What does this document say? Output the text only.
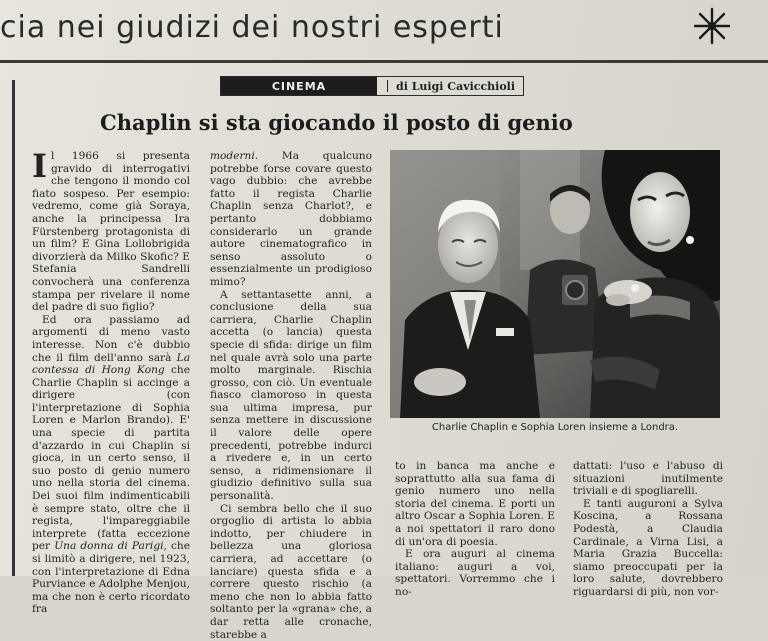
cia nei giudizi dei nostri esperti
CINEMA	di Luigi Cavicchioli
Chaplin si sta giocando il posto di genio

I l 1966 si presenta gravido di interrogativi che tengono il mondo col fiato sospeso. Per esempio: vedremo, come già Soraya, anche la principessa Ira Fürstenberg protagonista di un film? E Gina Lollobrigida divorzierà da Milko Skofic? E Stefania Sandrelli convocherà una conferenza stampa per rivelare il nome del padre di suo figlio?

Ed ora passiamo ad argomenti di meno vasto interesse. Non c'è dubbio che il film dell'anno sarà La contessa di Hong Kong che Charlie Chaplin si accinge a dirigere (con l'interpretazione di Sophia Loren e Marlon Brando). E' una specie di partita d'azzardo in cui Chaplin si gioca, in un certo senso, il suo posto di genio numero uno nella storia del cinema. Dei suoi film indimenticabili è sempre stato, oltre che il regista, l'impareggiabile interprete (fatta eccezione per Una donna di Parigi, che si limitò a dirigere, nel 1923, con l'interpretazione di Edna Purviance e Adolphe Menjou, ma che non è certo ricordato fra

moderni. Ma qualcuno potrebbe forse covare questo vago dubbio: che avrebbe fatto il regista Charlie Chaplin senza Charlot?, e pertanto dobbiamo considerarlo un grande autore cinematografico in senso assoluto o essenzialmente un prodigioso mimo?

A settantasette anni, a conclusione della sua carriera, Charlie Chaplin accetta (o lancia) questa specie di sfida: dirige un film nel quale avrà solo una parte molto marginale. Rischia grosso, con ciò. Un eventuale fiasco clamoroso in questa sua ultima impresa, pur senza mettere in discussione il valore delle opere precedenti, potrebbe indurci a rivedere e, in un certo senso, a ridimensionare il giudizio definitivo sulla sua personalità.

Ci sembra bello che il suo orgoglio di artista lo abbia indotto, per chiudere in bellezza una gloriosa carriera, ad accettare (o lanciare) questa sfida e a correre questo rischio (a meno che non lo abbia fatto soltanto per la «grana» che, a dar retta alle cronache, starebbe a

Charlie Chaplin e Sophia Loren insieme a Londra.

to in banca ma anche e soprattutto alla sua fama di genio numero uno nella storia del cinema. E porti un altro Oscar a Sophia Loren. E a noi spettatori il raro dono di un'ora di poesia.

E ora auguri al cinema italiano: auguri a voi, spettatori. Vorremmo che i no-

dattati: l'uso e l'abuso di situazioni inutilmente triviali e di spogliarelli.

E tanti auguroni a Sylva Koscina, a Rossana Podestà, a Claudia Cardinale, a Virna Lisi, a Maria Grazia Buccella: siamo preoccupati per la loro salute, dovrebbero riguardarsi di più, non vor-
